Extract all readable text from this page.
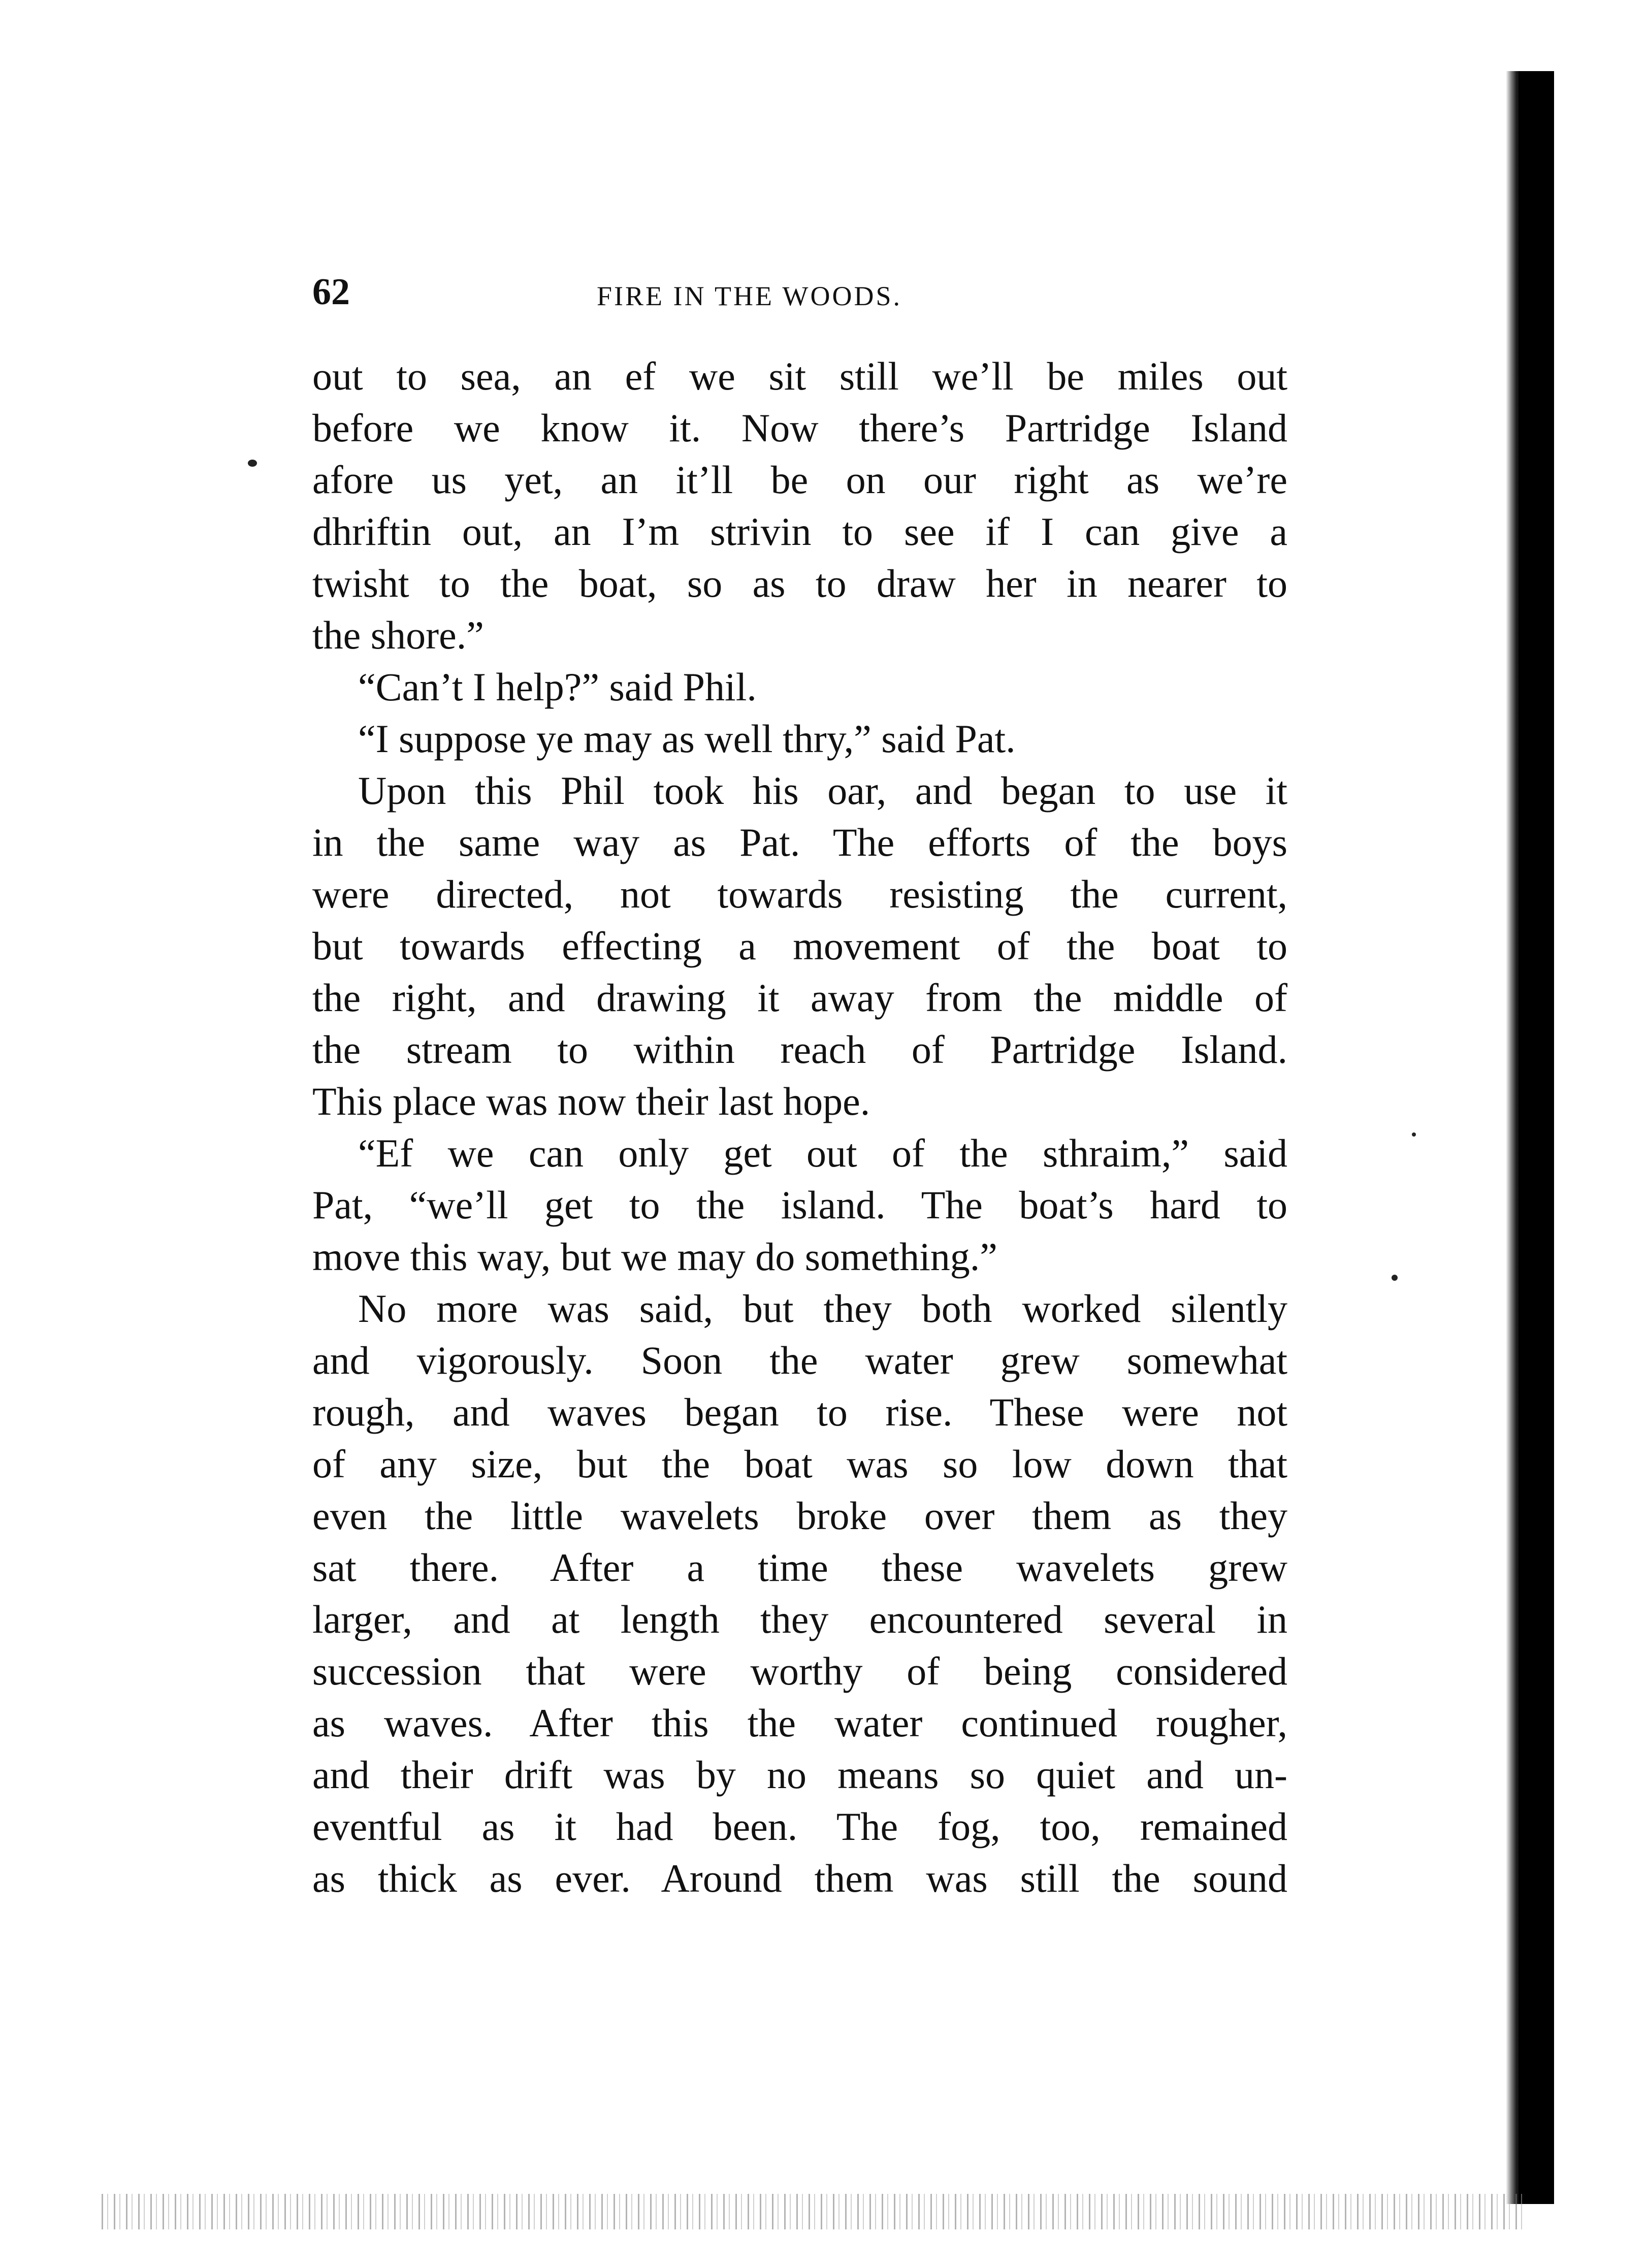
62	FIRE IN THE WOODS.
out to sea, an ef we sit still we’ll be miles out
before we know it. Now there’s Partridge Island
afore us yet, an it’ll be on our right as we’re
dhriftin out, an I’m strivin to see if I can give a
twisht to the boat, so as to draw her in nearer to
the shore.”
“Can’t I help?” said Phil.
“I suppose ye may as well thry,” said Pat.
Upon this Phil took his oar, and began to use it
in the same way as Pat. The efforts of the boys
were directed, not towards resisting the current,
but towards effecting a movement of the boat to
the right, and drawing it away from the middle of
the stream to within reach of Partridge Island.
This place was now their last hope.
“Ef we can only get out of the sthraim,” said
Pat, “we’ll get to the island. The boat’s hard to
move this way, but we may do something.”
No more was said, but they both worked silently
and vigorously. Soon the water grew somewhat
rough, and waves began to rise. These were not
of any size, but the boat was so low down that
even the little wavelets broke over them as they
sat there. After a time these wavelets grew
larger, and at length they encountered several in
succession that were worthy of being considered
as waves. After this the water continued rougher,
and their drift was by no means so quiet and un-
eventful as it had been. The fog, too, remained
as thick as ever. Around them was still the sound
